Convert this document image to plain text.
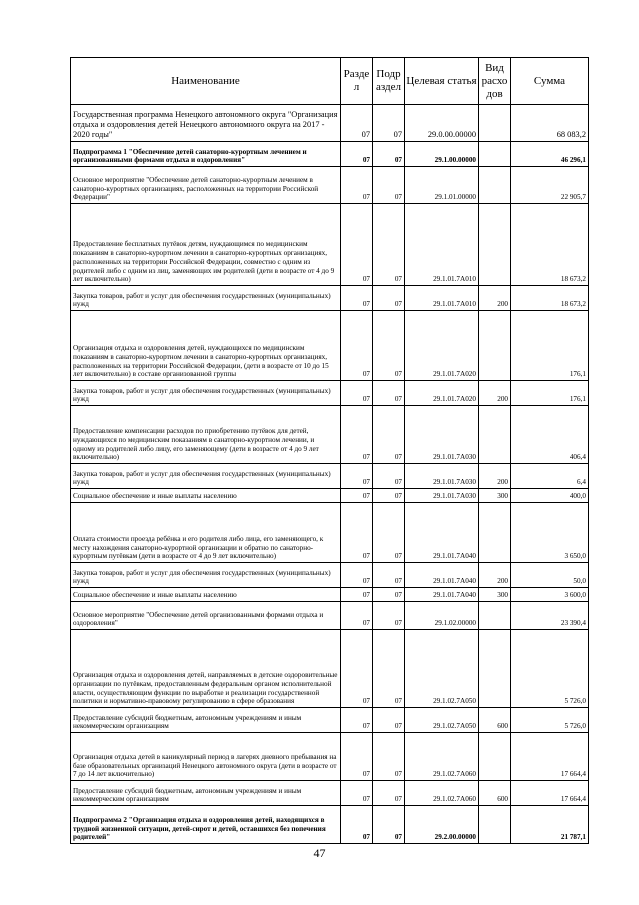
Наименование	Разде л	Подр аздел	Целевая статья	Вид расхо дов	Сумма
Государственная программа Ненецкого автономного округа "Организация отдыха и оздоровления детей Ненецкого автономного округа на 2017 - 2020 годы"	07	07	29.0.00.00000		68 083,2
Подпрограмма 1 "Обеспечение детей санаторно-курортным лечением и организованными формами отдыха и оздоровления"	07	07	29.1.00.00000		46 296,1
Основное мероприятие "Обеспечение детей санаторно-курортным лечением в санаторно-курортных организациях, расположенных на территории Российской Федерации"	07	07	29.1.01.00000		22 905,7
Предоставление бесплатных путёвок детям, нуждающимся по медицинским показаниям в санаторно-курортном лечении в санаторно-курортных организациях, расположенных на территории Российской Федерации, совместно с одним из родителей либо с одним из лиц, заменяющих им родителей (дети в возрасте от 4 до 9 лет включительно)	07	07	29.1.01.7А010		18 673,2
Закупка товаров, работ и услуг для обеспечения государственных (муниципальных) нужд	07	07	29.1.01.7А010	200	18 673,2
Организация отдыха и оздоровления детей, нуждающихся по медицинским показаниям в санаторно-курортном лечении в санаторно-курортных организациях, расположенных на территории Российской Федерации, (дети в возрасте от 10 до 15 лет включительно) в составе организованной группы	07	07	29.1.01.7А020		176,1
Закупка товаров, работ и услуг для обеспечения государственных (муниципальных) нужд	07	07	29.1.01.7А020	200	176,1
Предоставление компенсации расходов по приобретению путёвок для детей, нуждающихся по медицинским показаниям в санаторно-курортном лечении, и одному из родителей либо лицу, его заменяющему (дети в возрасте от 4 до 9 лет включительно)	07	07	29.1.01.7А030		406,4
Закупка товаров, работ и услуг для обеспечения государственных (муниципальных) нужд	07	07	29.1.01.7А030	200	6,4
Социальное обеспечение и иные выплаты населению	07	07	29.1.01.7А030	300	400,0
Оплата стоимости проезда ребёнка и его родителя либо лица, его заменяющего, к месту нахождения санаторно-курортной организации и обратно по санаторно-курортным путёвкам (дети в возрасте от 4 до 9 лет включительно)	07	07	29.1.01.7А040		3 650,0
Закупка товаров, работ и услуг для обеспечения государственных (муниципальных) нужд	07	07	29.1.01.7А040	200	50,0
Социальное обеспечение и иные выплаты населению	07	07	29.1.01.7А040	300	3 600,0
Основное мероприятие "Обеспечение детей организованными формами отдыха и оздоровления"	07	07	29.1.02.00000		23 390,4
Организация отдыха и оздоровления детей, направляемых в детские оздоровительные организации по путёвкам, предоставленным федеральным органом исполнительной власти, осуществляющим функции по выработке и реализации государственной политики и нормативно-правовому регулированию в сфере образования	07	07	29.1.02.7А050		5 726,0
Предоставление субсидий бюджетным, автономным учреждениям и иным некоммерческим организациям	07	07	29.1.02.7А050	600	5 726,0
Организация отдыха детей в каникулярный период в лагерях дневного пребывания на базе образовательных организаций Ненецкого автономного округа (дети в возрасте от 7 до 14 лет включительно)	07	07	29.1.02.7А060		17 664,4
Предоставление субсидий бюджетным, автономным учреждениям и иным некоммерческим организациям	07	07	29.1.02.7А060	600	17 664,4
Подпрограмма 2 "Организация отдыха и оздоровления детей, находящихся в трудной жизненной ситуации, детей-сирот и детей, оставшихся без попечения родителей"	07	07	29.2.00.00000		21 787,1
47
